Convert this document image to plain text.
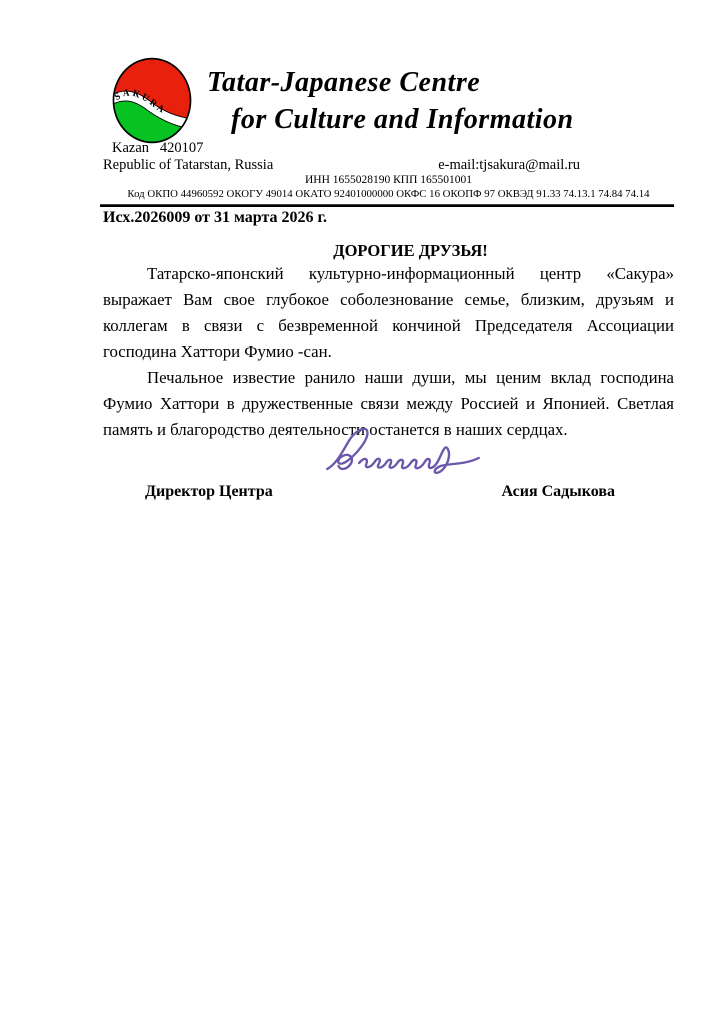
SAKURA
Tatar-Japanese Centre
for Culture and Information
Kazan   420107
Republic of Tatarstan, Russia	e-mail:tjsakura@mail.ru
ИНН 1655028190 КПП 165501001
Код ОКПО 44960592 ОКОГУ 49014 ОКАТО 92401000000 ОКФС 16 ОКОПФ 97 ОКВЭД 91.33 74.13.1 74.84 74.14
Исх.2026009 от 31 марта 2026 г.
ДОРОГИЕ ДРУЗЬЯ!

Татарско-японский культурно-информационный центр «Сакура» выражает Вам свое глубокое соболезнование семье, близким, друзьям и коллегам в связи с безвременной кончиной Председателя Ассоциации господина Хаттори Фумио -сан.

Печальное известие ранило наши души, мы ценим вклад господина Фумио Хаттори в дружественные связи между Россией и Японией. Светлая память и благородство деятельности останется в наших сердцах.

Директор Центра	Асия Садыкова
